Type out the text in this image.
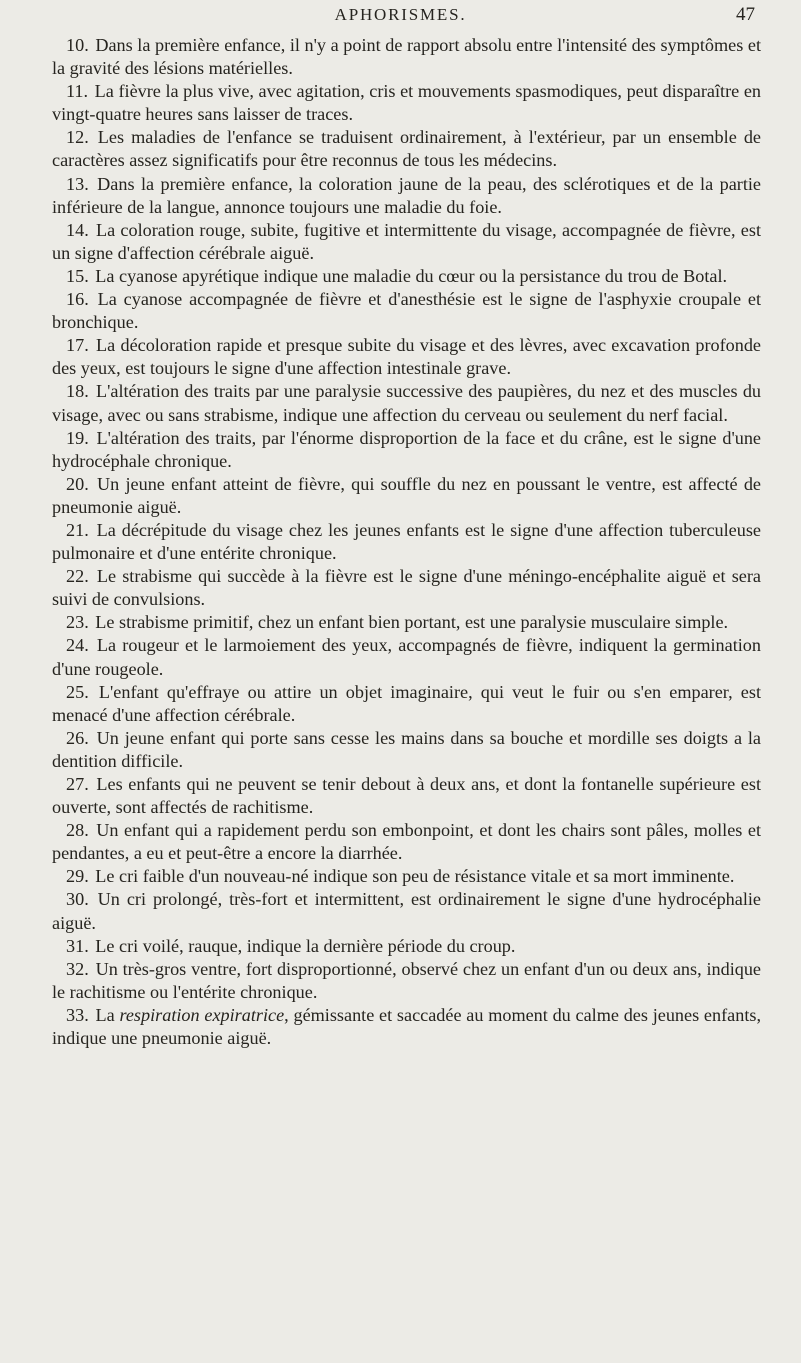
APHORISMES.	47

10. Dans la première enfance, il n'y a point de rapport absolu entre l'intensité des symptômes et la gravité des lésions matérielles.

11. La fièvre la plus vive, avec agitation, cris et mouvements spasmodiques, peut disparaître en vingt-quatre heures sans laisser de traces.

12. Les maladies de l'enfance se traduisent ordinairement, à l'extérieur, par un ensemble de caractères assez significatifs pour être reconnus de tous les médecins.

13. Dans la première enfance, la coloration jaune de la peau, des sclérotiques et de la partie inférieure de la langue, annonce toujours une maladie du foie.

14. La coloration rouge, subite, fugitive et intermittente du visage, accompagnée de fièvre, est un signe d'affection cérébrale aiguë.

15. La cyanose apyrétique indique une maladie du cœur ou la persistance du trou de Botal.

16. La cyanose accompagnée de fièvre et d'anesthésie est le signe de l'asphyxie croupale et bronchique.

17. La décoloration rapide et presque subite du visage et des lèvres, avec excavation profonde des yeux, est toujours le signe d'une affection intestinale grave.

18. L'altération des traits par une paralysie successive des paupières, du nez et des muscles du visage, avec ou sans strabisme, indique une affection du cerveau ou seulement du nerf facial.

19. L'altération des traits, par l'énorme disproportion de la face et du crâne, est le signe d'une hydrocéphale chronique.

20. Un jeune enfant atteint de fièvre, qui souffle du nez en poussant le ventre, est affecté de pneumonie aiguë.

21. La décrépitude du visage chez les jeunes enfants est le signe d'une affection tuberculeuse pulmonaire et d'une entérite chronique.

22. Le strabisme qui succède à la fièvre est le signe d'une méningo-encéphalite aiguë et sera suivi de convulsions.

23. Le strabisme primitif, chez un enfant bien portant, est une paralysie musculaire simple.

24. La rougeur et le larmoiement des yeux, accompagnés de fièvre, indiquent la germination d'une rougeole.

25. L'enfant qu'effraye ou attire un objet imaginaire, qui veut le fuir ou s'en emparer, est menacé d'une affection cérébrale.

26. Un jeune enfant qui porte sans cesse les mains dans sa bouche et mordille ses doigts a la dentition difficile.

27. Les enfants qui ne peuvent se tenir debout à deux ans, et dont la fontanelle supérieure est ouverte, sont affectés de rachitisme.

28. Un enfant qui a rapidement perdu son embonpoint, et dont les chairs sont pâles, molles et pendantes, a eu et peut-être a encore la diarrhée.

29. Le cri faible d'un nouveau-né indique son peu de résistance vitale et sa mort imminente.

30. Un cri prolongé, très-fort et intermittent, est ordinairement le signe d'une hydrocéphalie aiguë.

31. Le cri voilé, rauque, indique la dernière période du croup.

32. Un très-gros ventre, fort disproportionné, observé chez un enfant d'un ou deux ans, indique le rachitisme ou l'entérite chronique.

33. La respiration expiratrice, gémissante et saccadée au moment du calme des jeunes enfants, indique une pneumonie aiguë.
